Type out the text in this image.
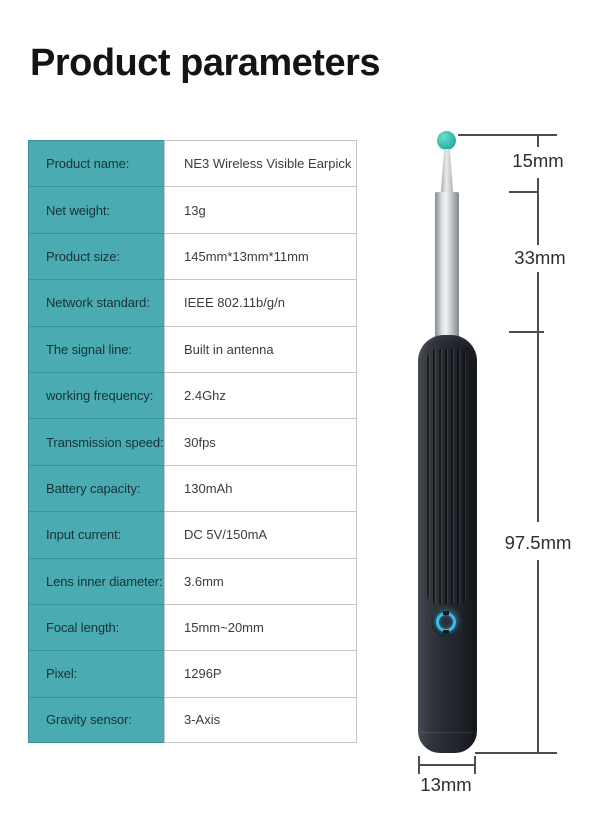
Product parameters
Product name:	NE3 Wireless Visible Earpick
Net weight:	13g
Product size:	145mm*13mm*11mm
Network standard:	IEEE 802.11b/g/n
The signal line:	Built in antenna
working frequency:	2.4Ghz
Transmission speed:	30fps
Battery capacity:	130mAh
Input current:	DC 5V/150mA
Lens inner diameter:	3.6mm
Focal length:	15mm~20mm
Pixel:	1296P
Gravity sensor:	3-Axis
15mm
33mm
97.5mm
13mm
